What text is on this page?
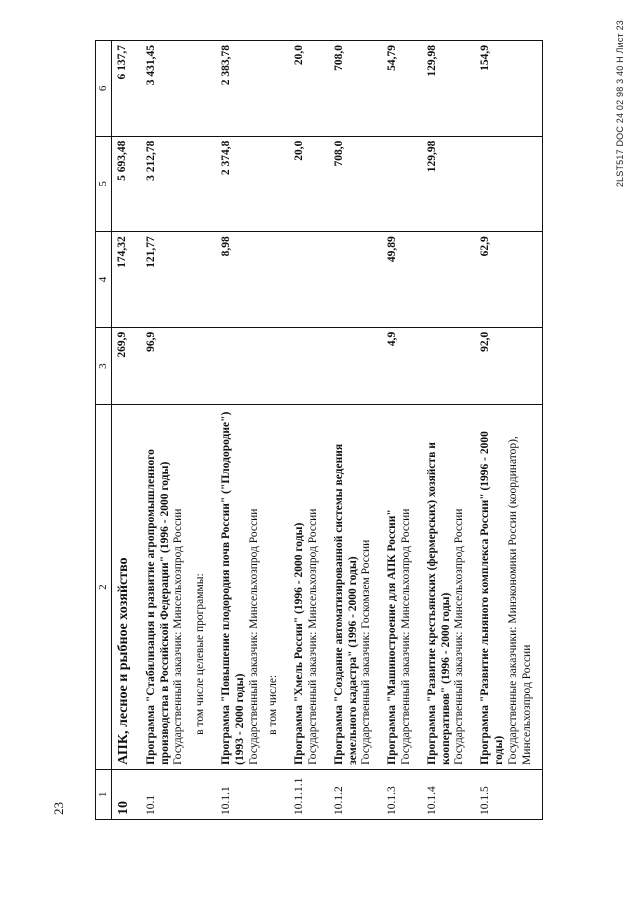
23
1	2	3	4	5	6
10	АПК, лесное и рыбное хозяйство	269,9	174,32	5 693,48	6 137,7
10.1	Программа "Стабилизация и развитие агропромышленного производства в Российской Федерации" (1996 - 2000 годы) Государственный заказчик: Минсельхозпрод России в том числе целевые программы:	96,9	121,77	3 212,78	3 431,45
10.1.1	Программа "Повышение плодородия почв России" ("Плодородие") (1993 - 2000 годы) Государственный заказчик: Минсельхозпрод России в том числе:		8,98	2 374,8	2 383,78
10.1.1.1	Программа "Хмель России" (1996 - 2000 годы) Государственный заказчик: Минсельхозпрод России			20,0	20,0
10.1.2	Программа "Создание автоматизированной системы ведения земельного кадастра" (1996 - 2000 годы) Государственный заказчик: Госкомзем России			708,0	708,0
10.1.3	Программа "Машиностроение для АПК России" Государственный заказчик: Минсельхозпрод России	4,9	49,89		54,79
10.1.4	Программа "Развитие крестьянских (фермерских) хозяйств и кооперативов" (1996 - 2000 годы) Государственный заказчик: Минсельхозпрод России			129,98	129,98
10.1.5	Программа "Развитие льняного комплекса России" (1996 - 2000 годы) Государственные заказчики: Минэкономики России (координатор), Минсельхозпрод России	92,0	62,9		154,9	2LST517 DOC 24 02 98 3 40 H Лист 23
